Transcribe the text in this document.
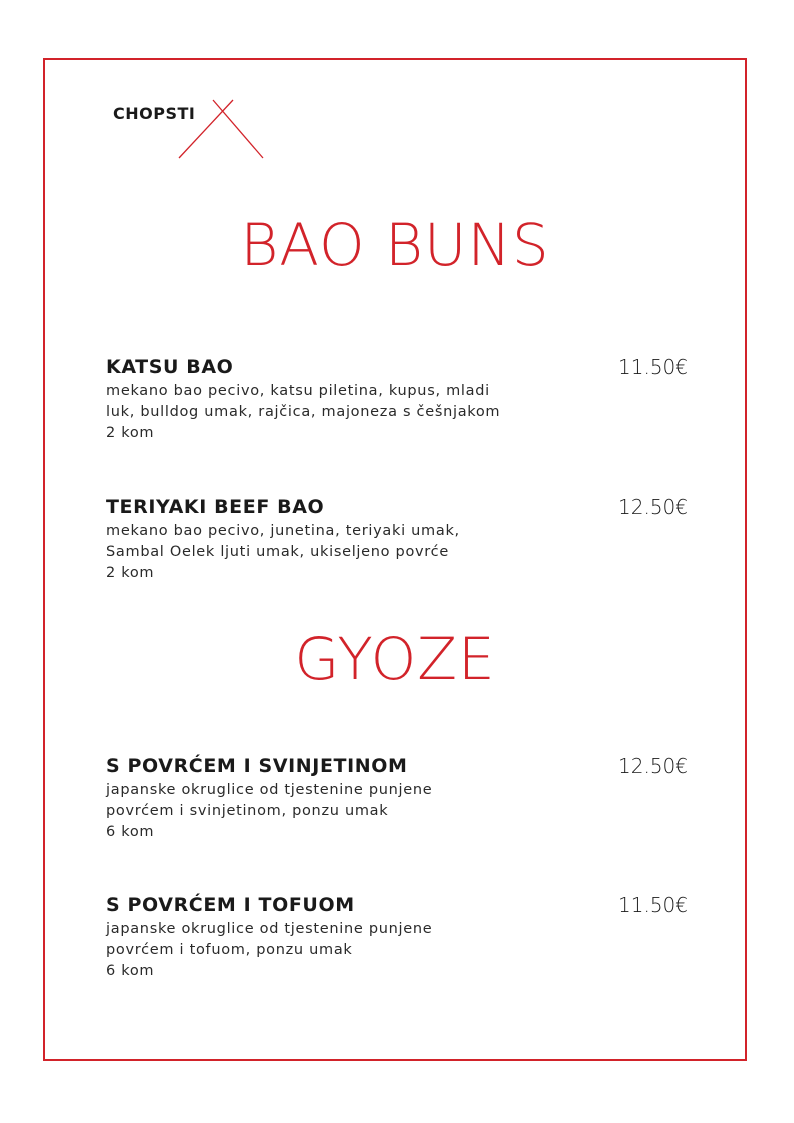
CHOPSTI
BAO BUNS
KATSU BAO	11.50€
mekano bao pecivo, katsu piletina, kupus, mladi
luk, bulldog umak, rajčica, majoneza s češnjakom
2 kom
TERIYAKI BEEF BAO	12.50€
mekano bao pecivo, junetina, teriyaki umak,
Sambal Oelek ljuti umak, ukiseljeno povrće
2 kom
GYOZE
S POVRĆEM I SVINJETINOM	12.50€
japanske okruglice od tjestenine punjene
povrćem i svinjetinom, ponzu umak
6 kom
S POVRĆEM I TOFUOM	11.50€
japanske okruglice od tjestenine punjene
povrćem i tofuom, ponzu umak
6 kom
